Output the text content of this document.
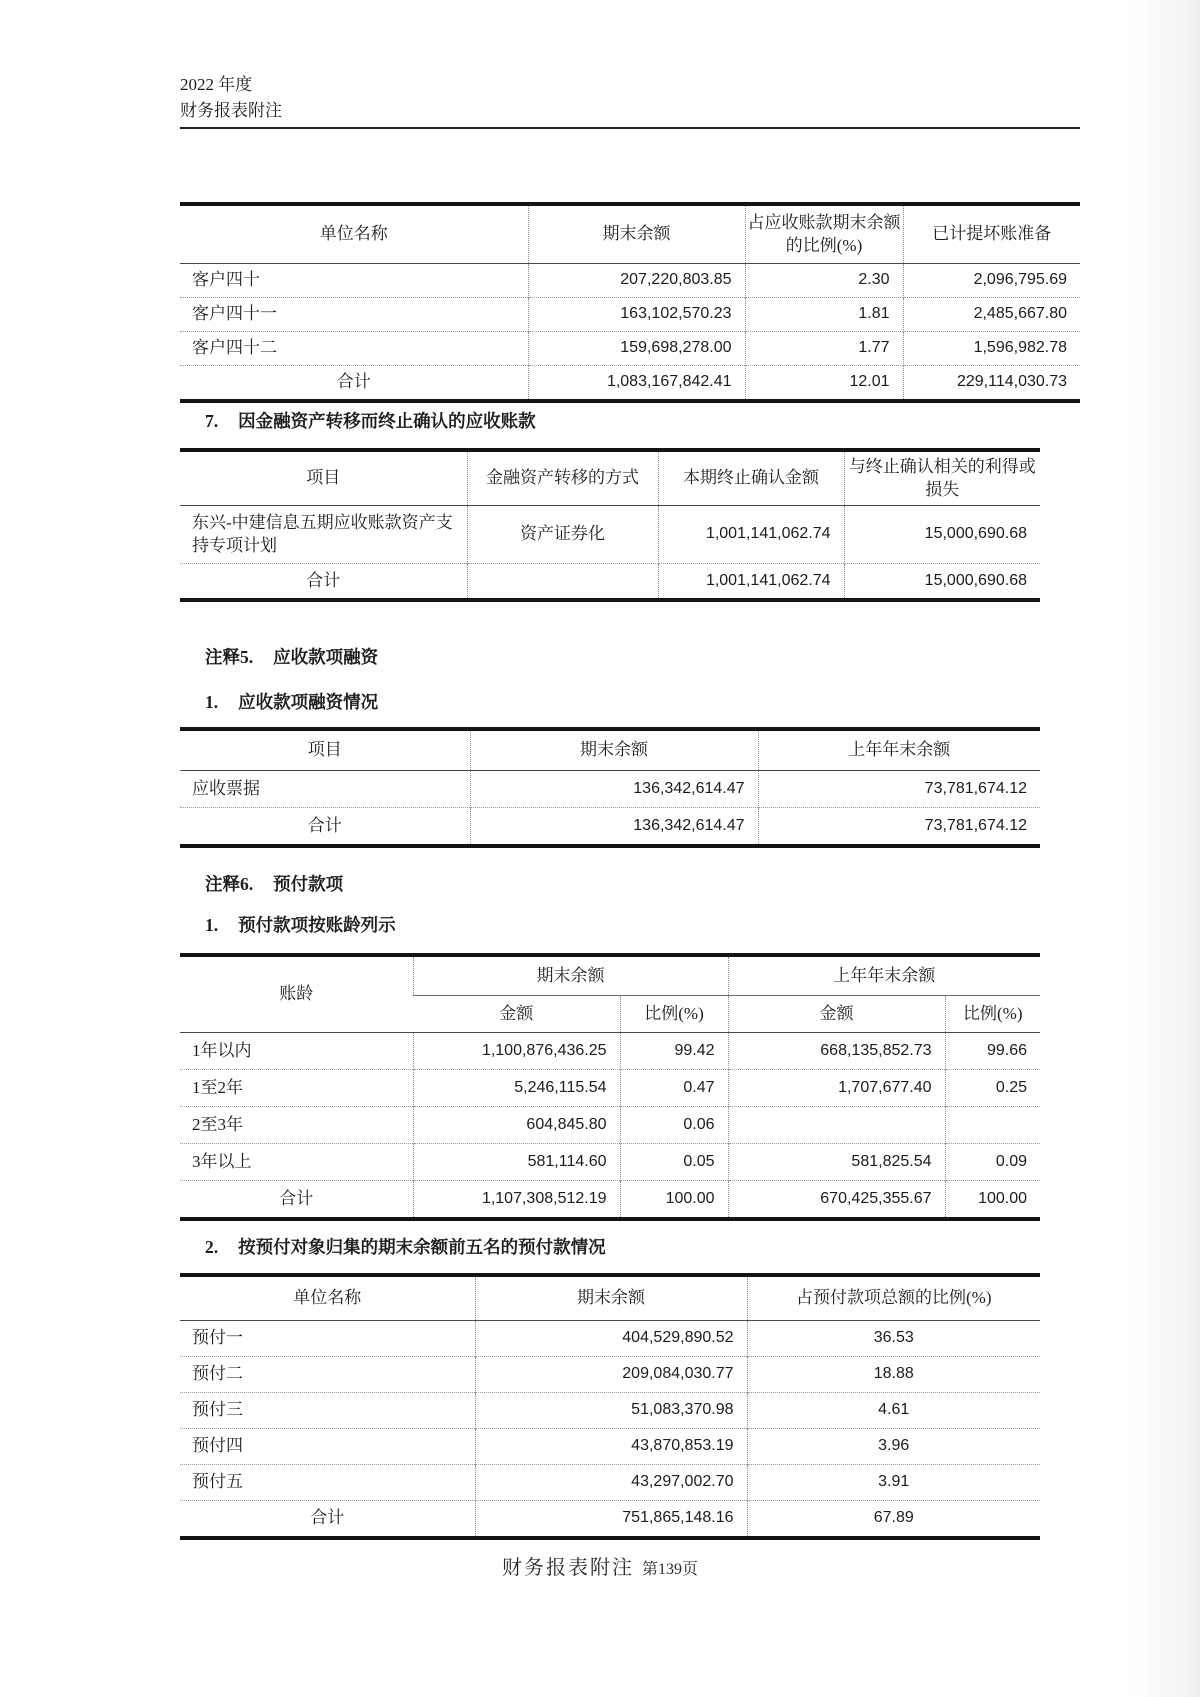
2022 年度
财务报表附注
单位名称	期末余额	占应收账款期末余额的比例(%)	已计提坏账准备
客户四十	207,220,803.85	2.30	2,096,795.69
客户四十一	163,102,570.23	1.81	2,485,667.80
客户四十二	159,698,278.00	1.77	1,596,982.78
合计	1,083,167,842.41	12.01	229,114,030.73
7. 因金融资产转移而终止确认的应收账款
项目	金融资产转移的方式	本期终止确认金额	与终止确认相关的利得或损失
东兴-中建信息五期应收账款资产支持专项计划	资产证券化	1,001,141,062.74	15,000,690.68
合计		1,001,141,062.74	15,000,690.68
注释5. 应收款项融资
1. 应收款项融资情况
项目	期末余额	上年年末余额
应收票据	136,342,614.47	73,781,674.12
合计	136,342,614.47	73,781,674.12
注释6. 预付款项
1. 预付款项按账龄列示
账龄	期末余额		上年年末余额	
	金额	比例(%)	金额	比例(%)
1年以内	1,100,876,436.25	99.42	668,135,852.73	99.66
1至2年	5,246,115.54	0.47	1,707,677.40	0.25
2至3年	604,845.80	0.06		
3年以上	581,114.60	0.05	581,825.54	0.09
合计	1,107,308,512.19	100.00	670,425,355.67	100.00
2. 按预付对象归集的期末余额前五名的预付款情况
单位名称	期末余额	占预付款项总额的比例(%)
预付一	404,529,890.52	36.53
预付二	209,084,030.77	18.88
预付三	51,083,370.98	4.61
预付四	43,870,853.19	3.96
预付五	43,297,002.70	3.91
合计	751,865,148.16	67.89
财务报表附注 第139页
